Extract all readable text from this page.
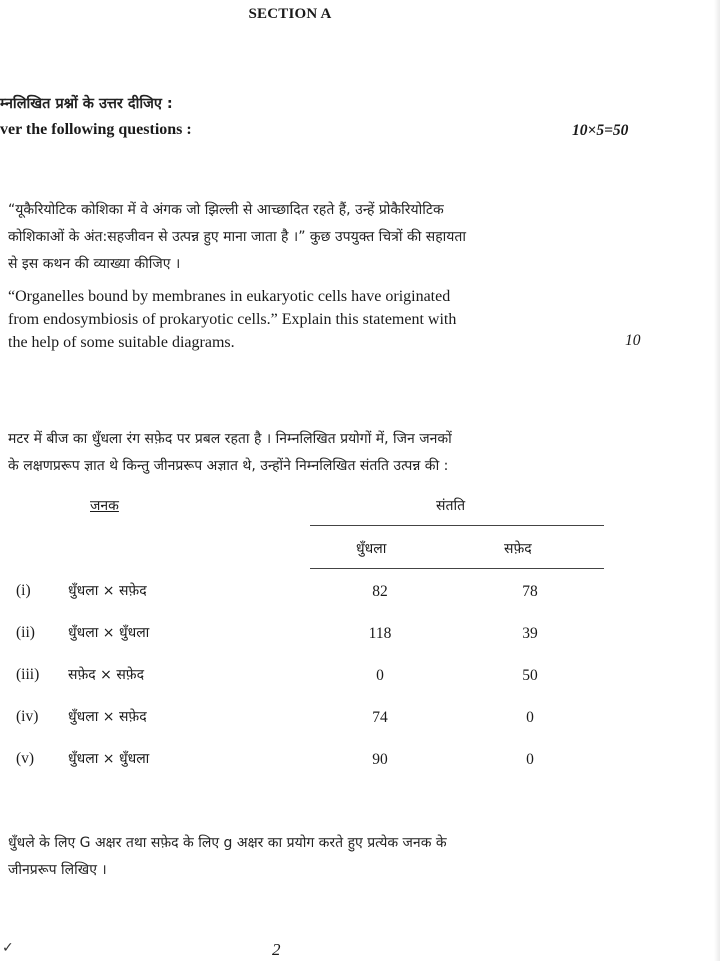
SECTION A
म्नलिखित प्रश्नों के उत्तर दीजिए :
ver the following questions :	10×5=50
“यूकैरियोटिक कोशिका में वे अंगक जो झिल्ली से आच्छादित रहते हैं, उन्हें प्रोकैरियोटिक
कोशिकाओं के अंत:सहजीवन से उत्पन्न हुए माना जाता है ।” कुछ उपयुक्त चित्रों की सहायता
से इस कथन की व्याख्या कीजिए ।
“Organelles bound by membranes in eukaryotic cells have originated
from endosymbiosis of prokaryotic cells.” Explain this statement with
the help of some suitable diagrams.	10
मटर में बीज का धुँधला रंग सफ़ेद पर प्रबल रहता है । निम्नलिखित प्रयोगों में, जिन जनकों
के लक्षणप्ररूप ज्ञात थे किन्तु जीनप्ररूप अज्ञात थे, उन्होंने निम्नलिखित संतति उत्पन्न की :
जनक	संतति
धुँधला	सफ़ेद
(i)	धुँधला × सफ़ेद	82	78
(ii) धुँधला × धुँधला	118	39
(iii) सफ़ेद × सफ़ेद	0	50
(iv) धुँधला × सफ़ेद	74	0
(v) धुँधला × धुँधला	90	0
धुँधले के लिए G अक्षर तथा सफ़ेद के लिए g अक्षर का प्रयोग करते हुए प्रत्येक जनक के
जीनप्ररूप लिखिए ।
2
✓
